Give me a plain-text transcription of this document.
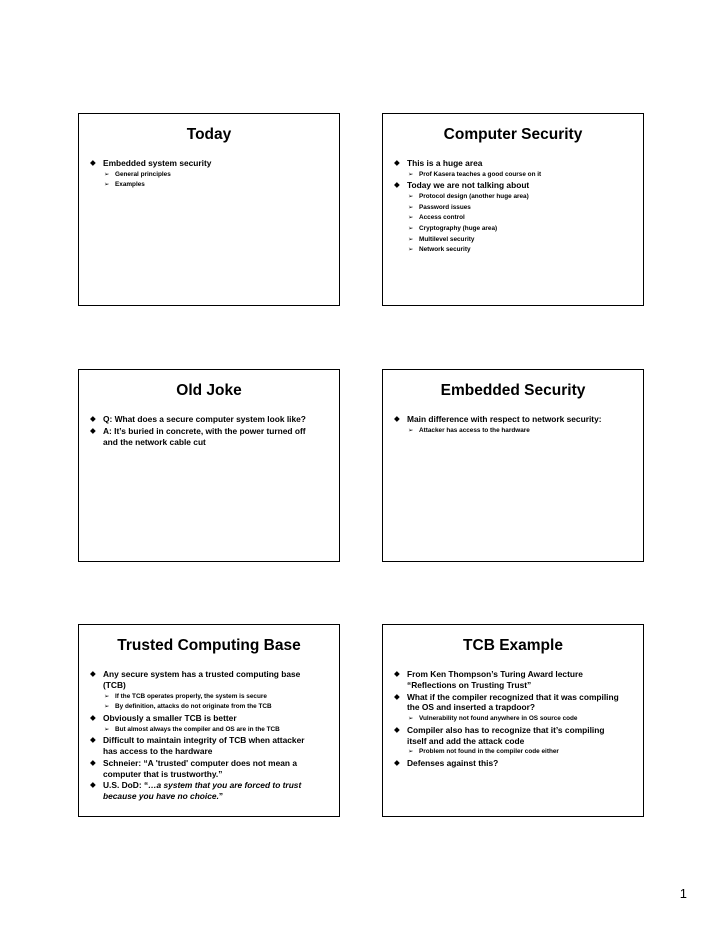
Today
◆ Embedded system security
➢ General principles
➢ Examples
Computer Security
◆ This is a huge area
➢ Prof Kasera teaches a good course on it
◆ Today we are not talking about
➢ Protocol design (another huge area)
➢ Password issues
➢ Access control
➢ Cryptography (huge area)
➢ Multilevel security
➢ Network security
Old Joke
◆ Q: What does a secure computer system look like?
◆ A: It’s buried in concrete, with the power turned off and the network cable cut
Embedded Security
◆ Main difference with respect to network security:
➢ Attacker has access to the hardware
Trusted Computing Base
◆ Any secure system has a trusted computing base (TCB)
➢ If the TCB operates properly, the system is secure
➢ By definition, attacks do not originate from the TCB
◆ Obviously a smaller TCB is better
➢ But almost always the compiler and OS are in the TCB
◆ Difficult to maintain integrity of TCB when attacker has access to the hardware
◆ Schneier: “A 'trusted' computer does not mean a computer that is trustworthy.”
◆ U.S. DoD: “…a system that you are forced to trust because you have no choice.”
TCB Example
◆ From Ken Thompson’s Turing Award lecture “Reflections on Trusting Trust”
◆ What if the compiler recognized that it was compiling the OS and inserted a trapdoor?
➢ Vulnerability not found anywhere in OS source code
◆ Compiler also has to recognize that it’s compiling itself and add the attack code
➢ Problem not found in the compiler code either
◆ Defenses against this?
1
